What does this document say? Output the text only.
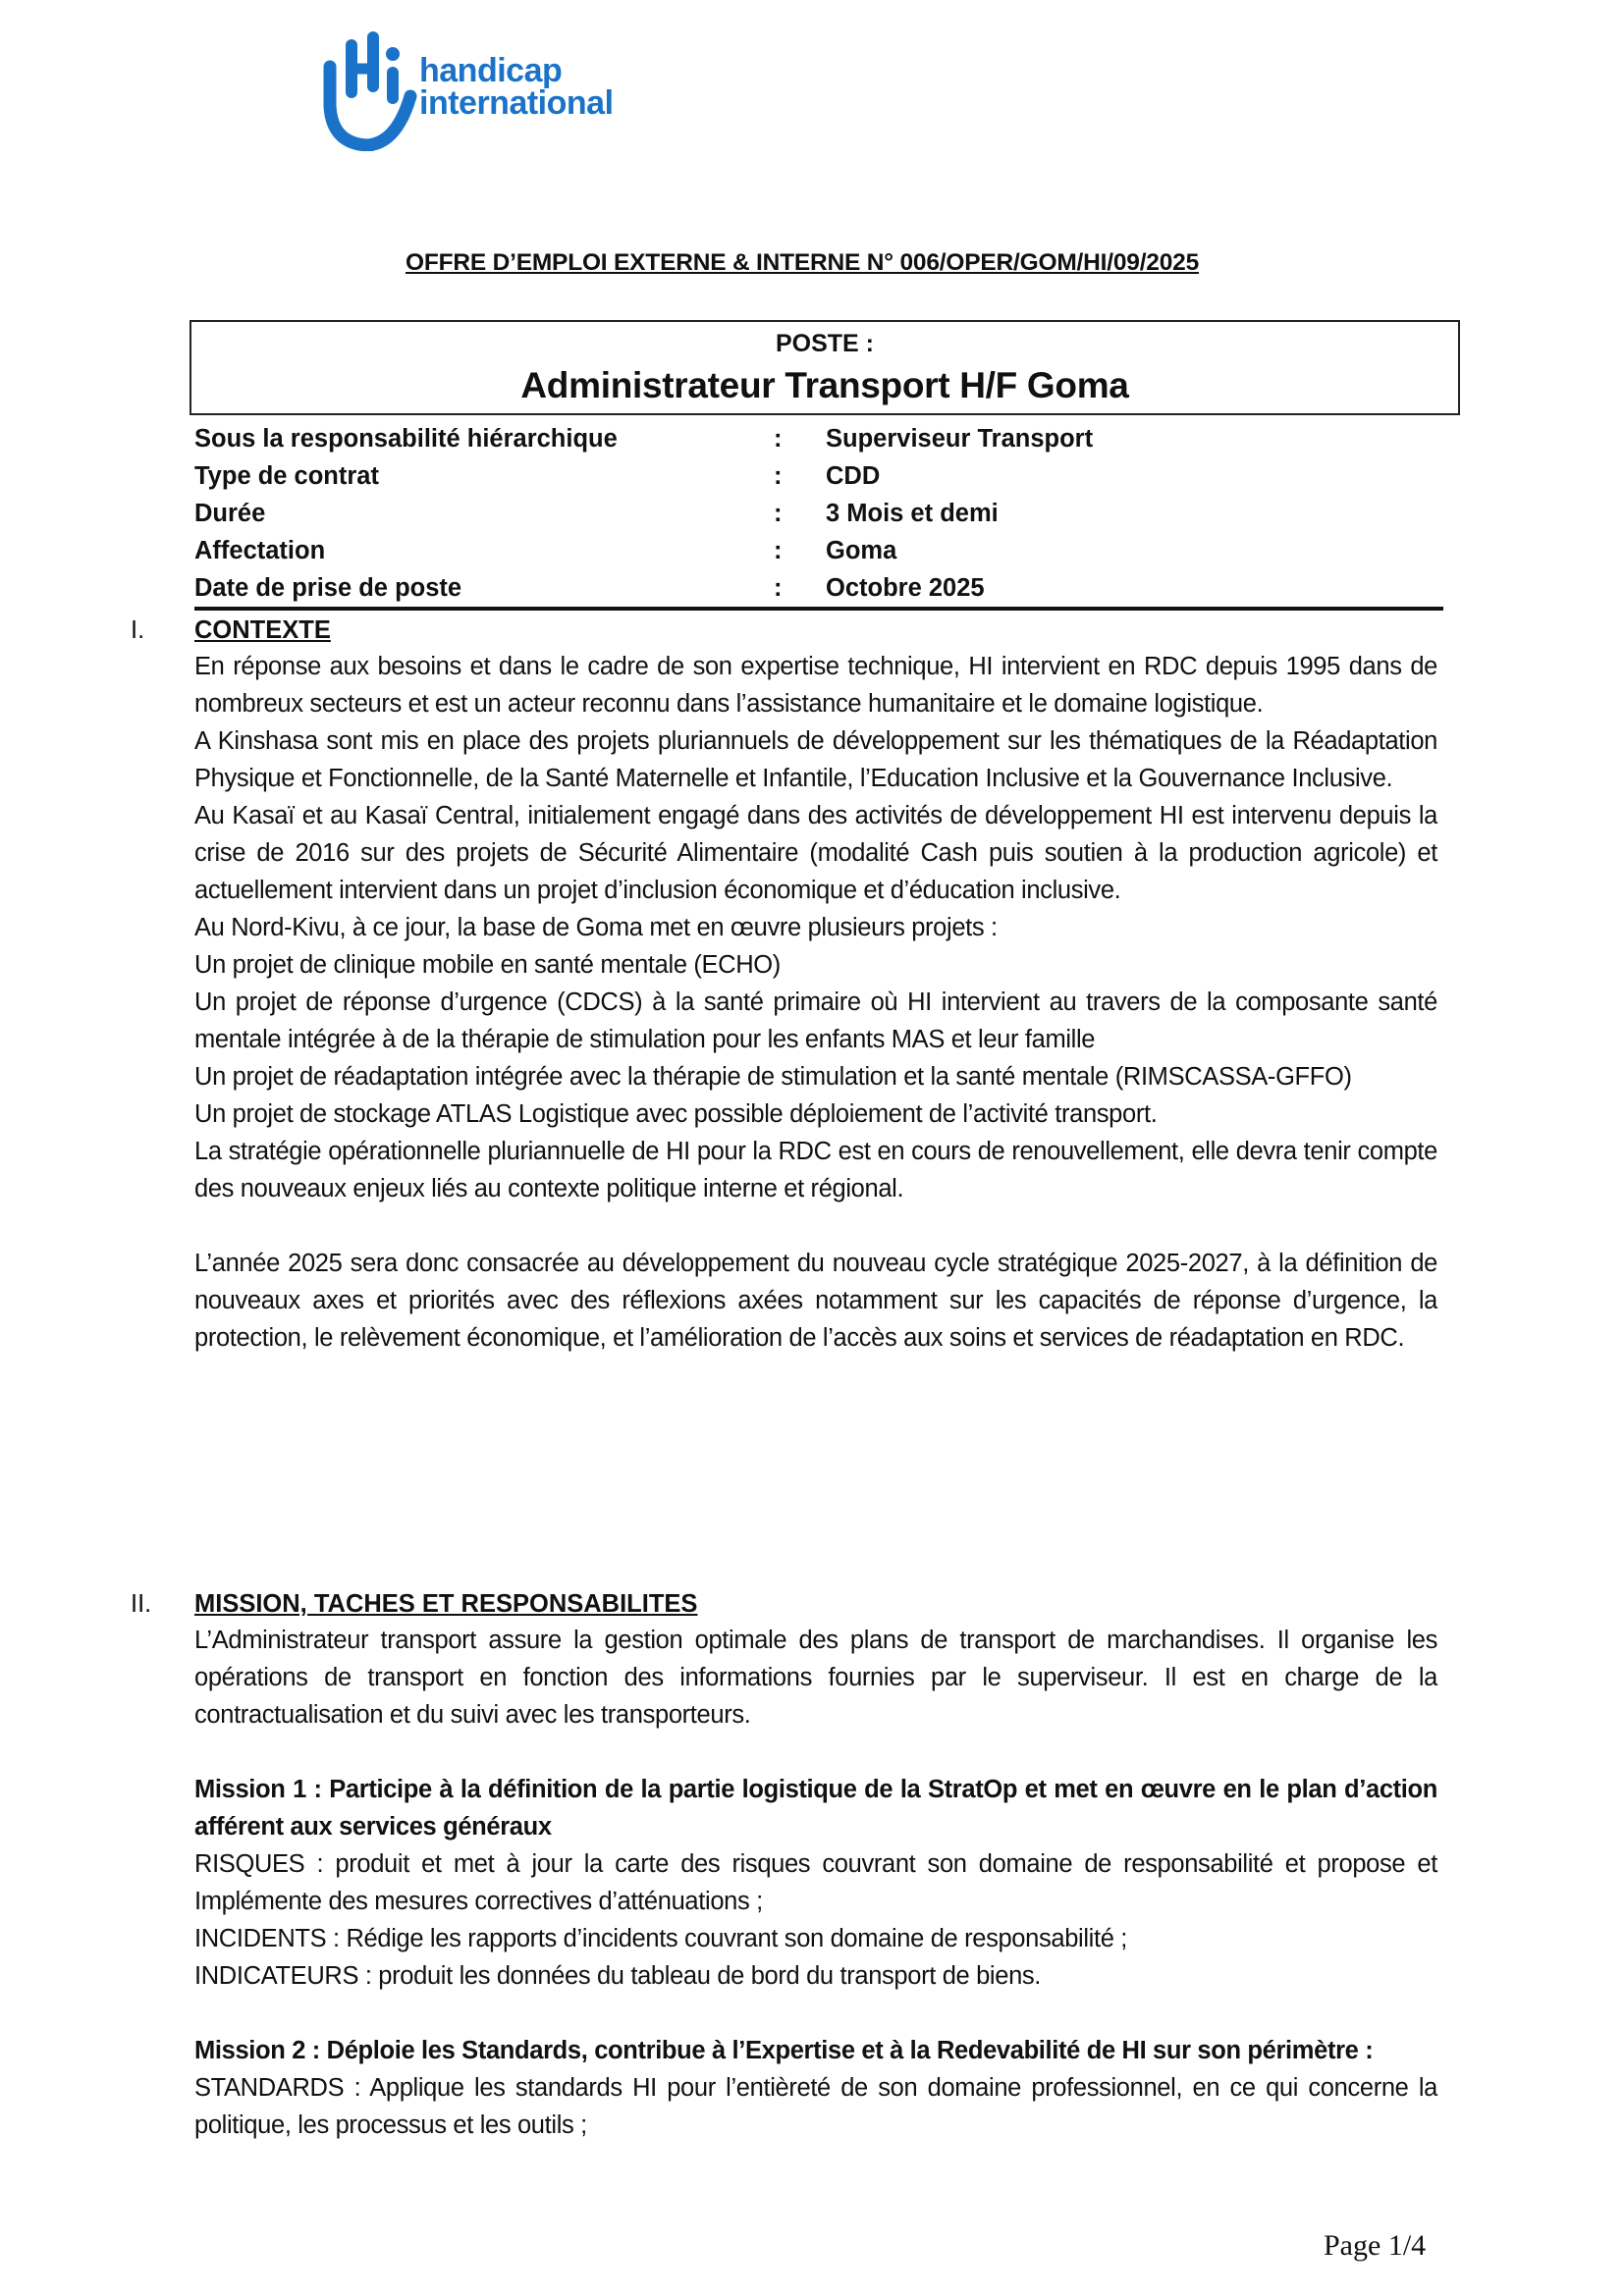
handicap
international
OFFRE D’EMPLOI EXTERNE & INTERNE N° 006/OPER/GOM/HI/09/2025
POSTE :
Administrateur Transport H/F Goma
Sous la responsabilité hiérarchique	: Superviseur Transport
Type de contrat	: CDD
Durée	: 3 Mois et demi
Affectation	: Goma
Date de prise de poste	: Octobre 2025
I. CONTEXTE

En réponse aux besoins et dans le cadre de son expertise technique, HI intervient en RDC depuis 1995 dans de nombreux secteurs et est un acteur reconnu dans l’assistance humanitaire et le domaine logistique.

A Kinshasa sont mis en place des projets pluriannuels de développement sur les thématiques de la Réadaptation Physique et Fonctionnelle, de la Santé Maternelle et Infantile, l’Education Inclusive et la Gouvernance Inclusive.

Au Kasaï et au Kasaï Central, initialement engagé dans des activités de développement HI est intervenu depuis la crise de 2016 sur des projets de Sécurité Alimentaire (modalité Cash puis soutien à la production agricole) et actuellement intervient dans un projet d’inclusion économique et d’éducation inclusive.

Au Nord-Kivu, à ce jour, la base de Goma met en œuvre plusieurs projets :

Un projet de clinique mobile en santé mentale (ECHO)

Un projet de réponse d’urgence (CDCS) à la santé primaire où HI intervient au travers de la composante santé mentale intégrée à de la thérapie de stimulation pour les enfants MAS et leur famille

Un projet de réadaptation intégrée avec la thérapie de stimulation et la santé mentale (RIMSCASSA-GFFO)

Un projet de stockage ATLAS Logistique avec possible déploiement de l’activité transport.

La stratégie opérationnelle pluriannuelle de HI pour la RDC est en cours de renouvellement, elle devra tenir compte des nouveaux enjeux liés au contexte politique interne et régional.

L’année 2025 sera donc consacrée au développement du nouveau cycle stratégique 2025-2027, à la définition de nouveaux axes et priorités avec des réflexions axées notamment sur les capacités de réponse d’urgence, la protection, le relèvement économique, et l’amélioration de l’accès aux soins et services de réadaptation en RDC.

II. MISSION, TACHES ET RESPONSABILITES

L’Administrateur transport assure la gestion optimale des plans de transport de marchandises. Il organise les opérations de transport en fonction des informations fournies par le superviseur. Il est en charge de la contractualisation et du suivi avec les transporteurs.

Mission 1 : Participe à la définition de la partie logistique de la StratOp et met en œuvre en le plan d’action afférent aux services généraux

RISQUES : produit et met à jour la carte des risques couvrant son domaine de responsabilité et propose et Implémente des mesures correctives d’atténuations ;

INCIDENTS : Rédige les rapports d’incidents couvrant son domaine de responsabilité ;

INDICATEURS : produit les données du tableau de bord du transport de biens.

Mission 2 : Déploie les Standards, contribue à l’Expertise et à la Redevabilité de HI sur son périmètre :

STANDARDS : Applique les standards HI pour l’entièreté de son domaine professionnel, en ce qui concerne la politique, les processus et les outils ;

Page 1/4
